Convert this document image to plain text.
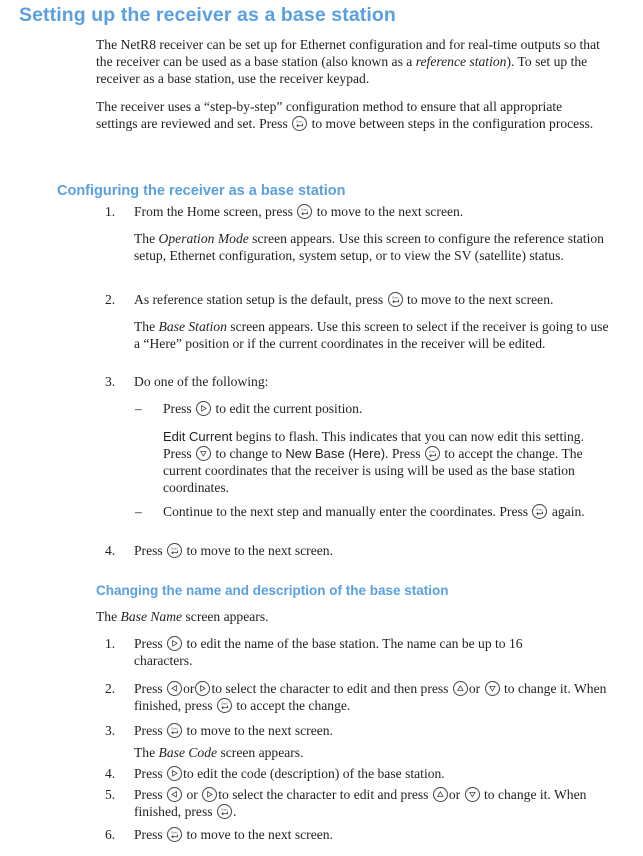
Setting up the receiver as a base station

The NetR8 receiver can be set up for Ethernet configuration and for real-time outputs so that the receiver can be used as a base station (also known as a reference station). To set up the receiver as a base station, use the receiver keypad.

The receiver uses a “step-by-step” configuration method to ensure that all appropriate settings are reviewed and set. Press
to move between steps in the configuration process.

Configuring the receiver as a base station
1. From the Home screen, press
to move to the next screen.

The Operation Mode screen appears. Use this screen to configure the reference station setup, Ethernet configuration, system setup, or to view the SV (satellite) status.

2. As reference station setup is the default, press
to move to the next screen.

The Base Station screen appears. Use this screen to select if the receiver is going to use a “Here” position or if the current coordinates in the receiver will be edited.

3. Do one of the following:

– Press
to edit the current position.

Edit Current begins to flash. This indicates that you can now edit this setting. Press
to change to New Base (Here). Press
to accept the change. The current coordinates that the receiver is using will be used as the base station coordinates.

– Continue to the next step and manually enter the coordinates. Press
again.

4. Press
to move to the next screen.

Changing the name and description of the base station

The Base Name screen appears.

1. Press
to edit the name of the base station. The name can be up to 16 characters.

2. Press
or to select the character to edit and then press
or
to change it. When finished, press
to accept the change.

3. Press
to move to the next screen.

The Base Code screen appears.

4. Press
to edit the code (description) of the base station.

5. Press
or
to select the character to edit and press
or
to change it. When finished, press
.

6. Press
to move to the next screen.
